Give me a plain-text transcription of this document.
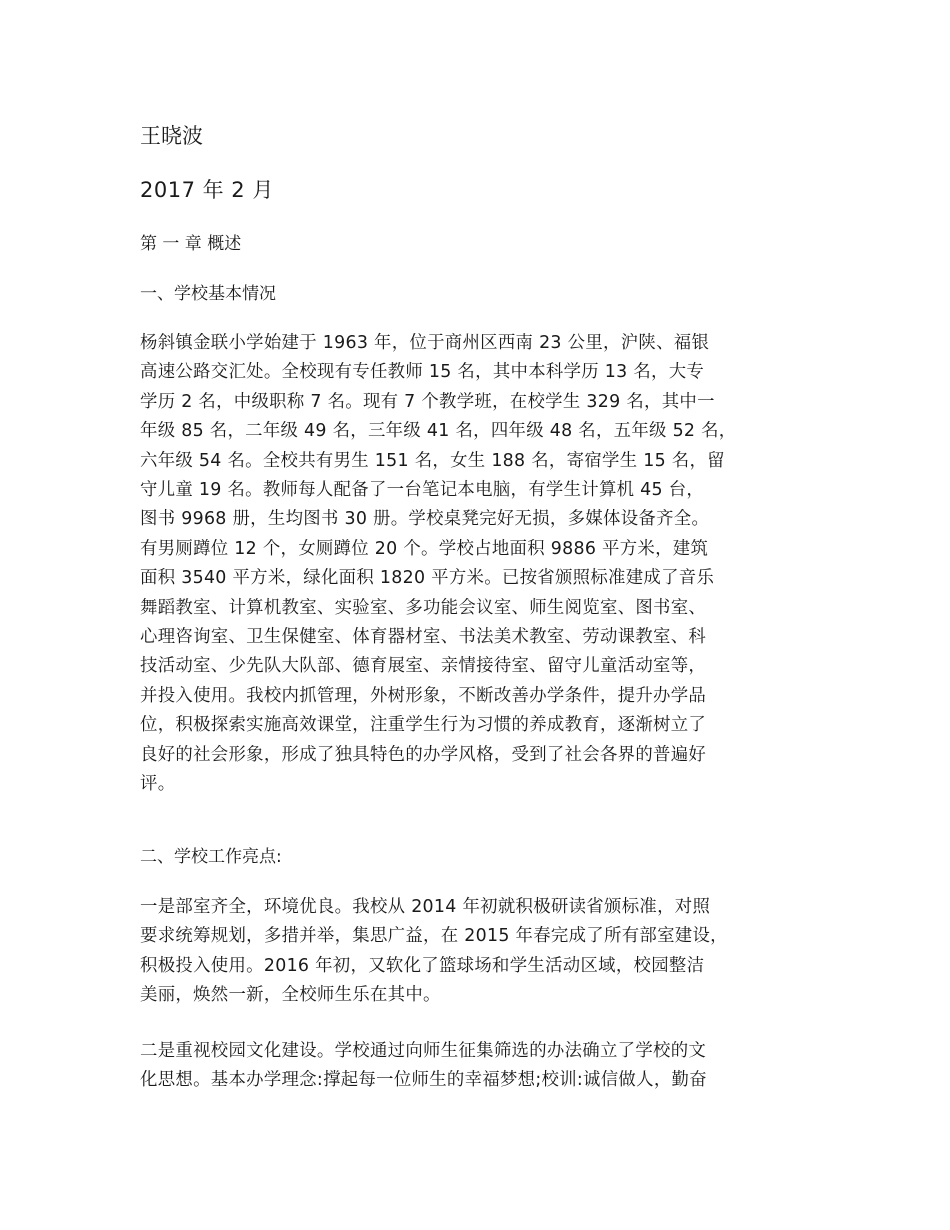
王晓波
2017 年 2 月
第 一 章 概述
一、学校基本情况
杨斜镇金联小学始建于 1963 年，位于商州区西南 23 公里，沪陕、福银
高速公路交汇处。全校现有专任教师 15 名，其中本科学历 13 名，大专
学历 2 名，中级职称 7 名。现有 7 个教学班，在校学生 329 名，其中一
年级 85 名，二年级 49 名，三年级 41 名，四年级 48 名，五年级 52 名，
六年级 54 名。全校共有男生 151 名，女生 188 名，寄宿学生 15 名，留
守儿童 19 名。教师每人配备了一台笔记本电脑，有学生计算机 45 台，
图书 9968 册，生均图书 30 册。学校桌凳完好无损，多媒体设备齐全。
有男厕蹲位 12 个，女厕蹲位 20 个。学校占地面积 9886 平方米，建筑
面积 3540 平方米，绿化面积 1820 平方米。已按省颁照标准建成了音乐
舞蹈教室、计算机教室、实验室、多功能会议室、师生阅览室、图书室、
心理咨询室、卫生保健室、体育器材室、书法美术教室、劳动课教室、科
技活动室、少先队大队部、德育展室、亲情接待室、留守儿童活动室等，
并投入使用。我校内抓管理，外树形象，不断改善办学条件，提升办学品
位，积极探索实施高效课堂，注重学生行为习惯的养成教育，逐渐树立了
良好的社会形象，形成了独具特色的办学风格，受到了社会各界的普遍好
评。
二、学校工作亮点:
一是部室齐全，环境优良。我校从 2014 年初就积极研读省颁标准，对照
要求统筹规划，多措并举，集思广益，在 2015 年春完成了所有部室建设，
积极投入使用。2016 年初，又软化了篮球场和学生活动区域，校园整洁
美丽，焕然一新，全校师生乐在其中。
二是重视校园文化建设。学校通过向师生征集筛选的办法确立了学校的文
化思想。基本办学理念:撑起每一位师生的幸福梦想;校训:诚信做人，勤奋
